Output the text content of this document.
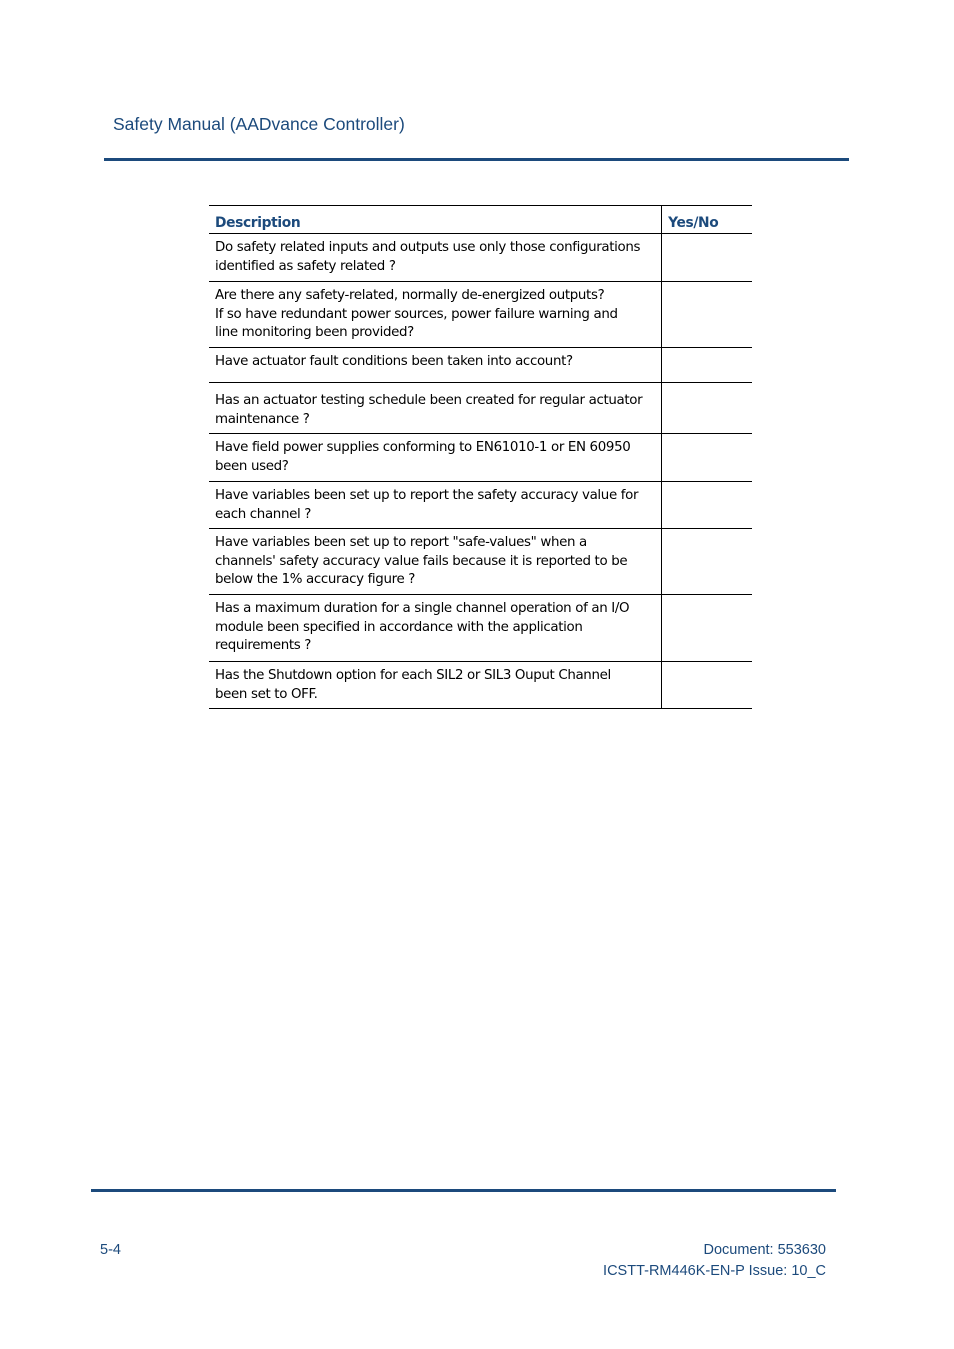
Safety Manual (AADvance Controller)
Description	Yes/No

Do safety related inputs and outputs use only those configurations
identified as safety related ?	

Are there any safety-related, normally de-energized outputs?
If so have redundant power sources, power failure warning and
line monitoring been provided?	

Have actuator fault conditions been taken into account?	

Has an actuator testing schedule been created for regular actuator
maintenance ?	

Have field power supplies conforming to EN61010-1 or EN 60950
been used?	

Have variables been set up to report the safety accuracy value for
each channel ?	

Have variables been set up to report "safe-values" when a
channels' safety accuracy value fails because it is reported to be
below the 1% accuracy figure ?	

Has a maximum duration for a single channel operation of an I/O
module been specified in accordance with the application
requirements ?	

Has the Shutdown option for each SIL2 or SIL3 Ouput Channel
been set to OFF.	

5-4	Document: 553630
ICSTT-RM446K-EN-P Issue: 10_C
